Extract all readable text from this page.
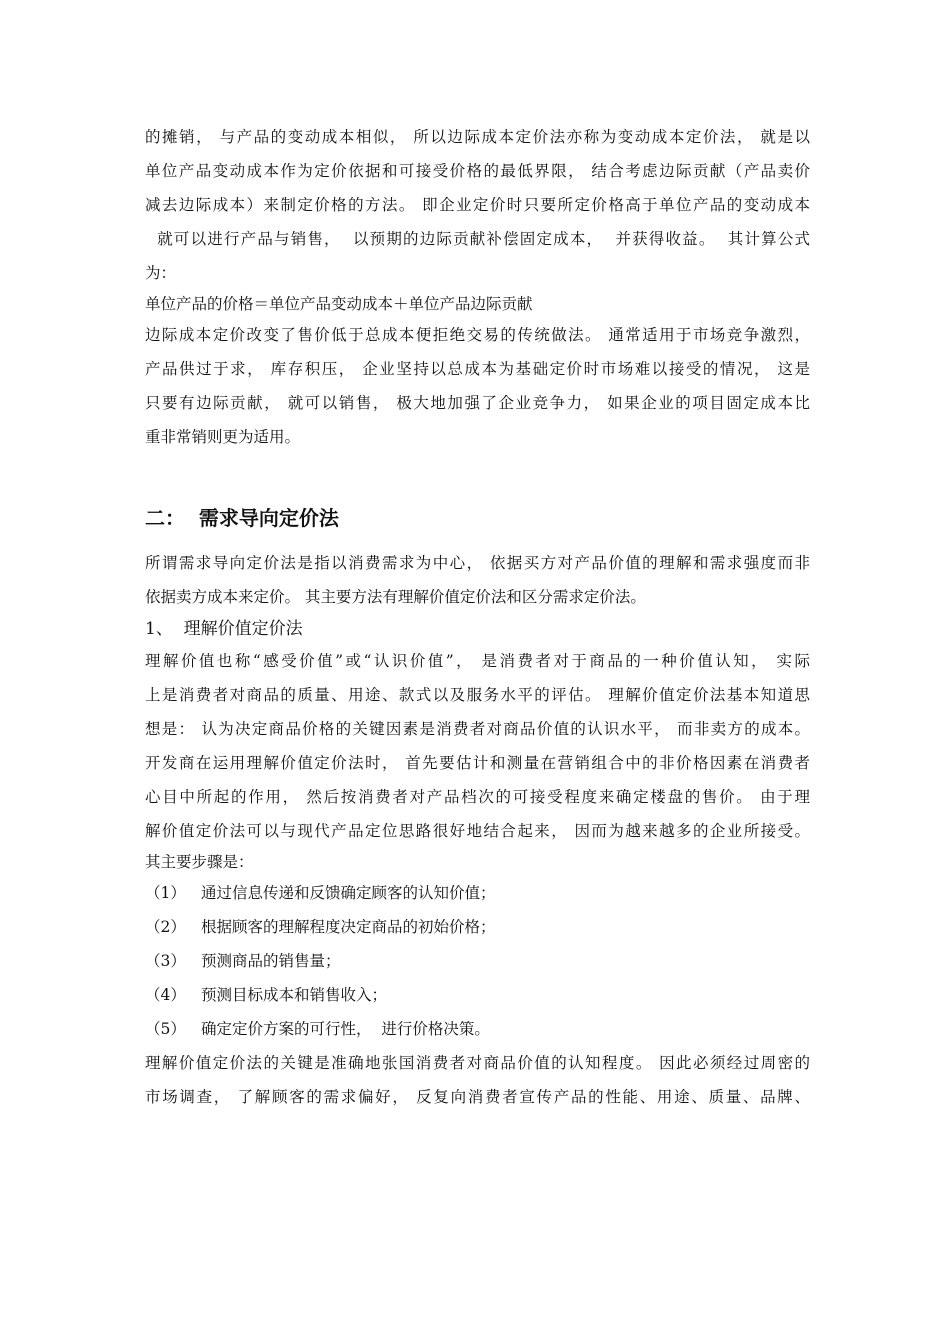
的摊销， 与产品的变动成本相似， 所以边际成本定价法亦称为变动成本定价法， 就是以
单位产品变动成本作为定价依据和可接受价格的最低界限， 结合考虑边际贡献（产品卖价
减去边际成本）来制定价格的方法。 即企业定价时只要所定价格高于单位产品的变动成本
就可以进行产品与销售，  以预期的边际贡献补偿固定成本，  并获得收益。  其计算公式
为：
单位产品的价格＝单位产品变动成本＋单位产品边际贡献
边际成本定价改变了售价低于总成本便拒绝交易的传统做法。 通常适用于市场竞争激烈，
产品供过于求， 库存积压， 企业坚持以总成本为基础定价时市场难以接受的情况， 这是
只要有边际贡献， 就可以销售， 极大地加强了企业竞争力， 如果企业的项目固定成本比
重非常销则更为适用。
二：  需求导向定价法
所谓需求导向定价法是指以消费需求为中心， 依据买方对产品价值的理解和需求强度而非
依据卖方成本来定价。 其主要方法有理解价值定价法和区分需求定价法。
1、  理解价值定价法
理解价值也称“感受价值”或“认识价值”， 是消费者对于商品的一种价值认知， 实际
上是消费者对商品的质量、用途、款式以及服务水平的评估。 理解价值定价法基本知道思
想是： 认为决定商品价格的关键因素是消费者对商品价值的认识水平， 而非卖方的成本。
开发商在运用理解价值定价法时， 首先要估计和测量在营销组合中的非价格因素在消费者
心目中所起的作用， 然后按消费者对产品档次的可接受程度来确定楼盘的售价。 由于理
解价值定价法可以与现代产品定位思路很好地结合起来， 因而为越来越多的企业所接受。
其主要步骤是：
（1） 通过信息传递和反馈确定顾客的认知价值；
（2） 根据顾客的理解程度决定商品的初始价格；
（3） 预测商品的销售量；
（4） 预测目标成本和销售收入；
（5） 确定定价方案的可行性，  进行价格决策。
理解价值定价法的关键是准确地张国消费者对商品价值的认知程度。 因此必须经过周密的
市场调查， 了解顾客的需求偏好， 反复向消费者宣传产品的性能、用途、质量、品牌、
